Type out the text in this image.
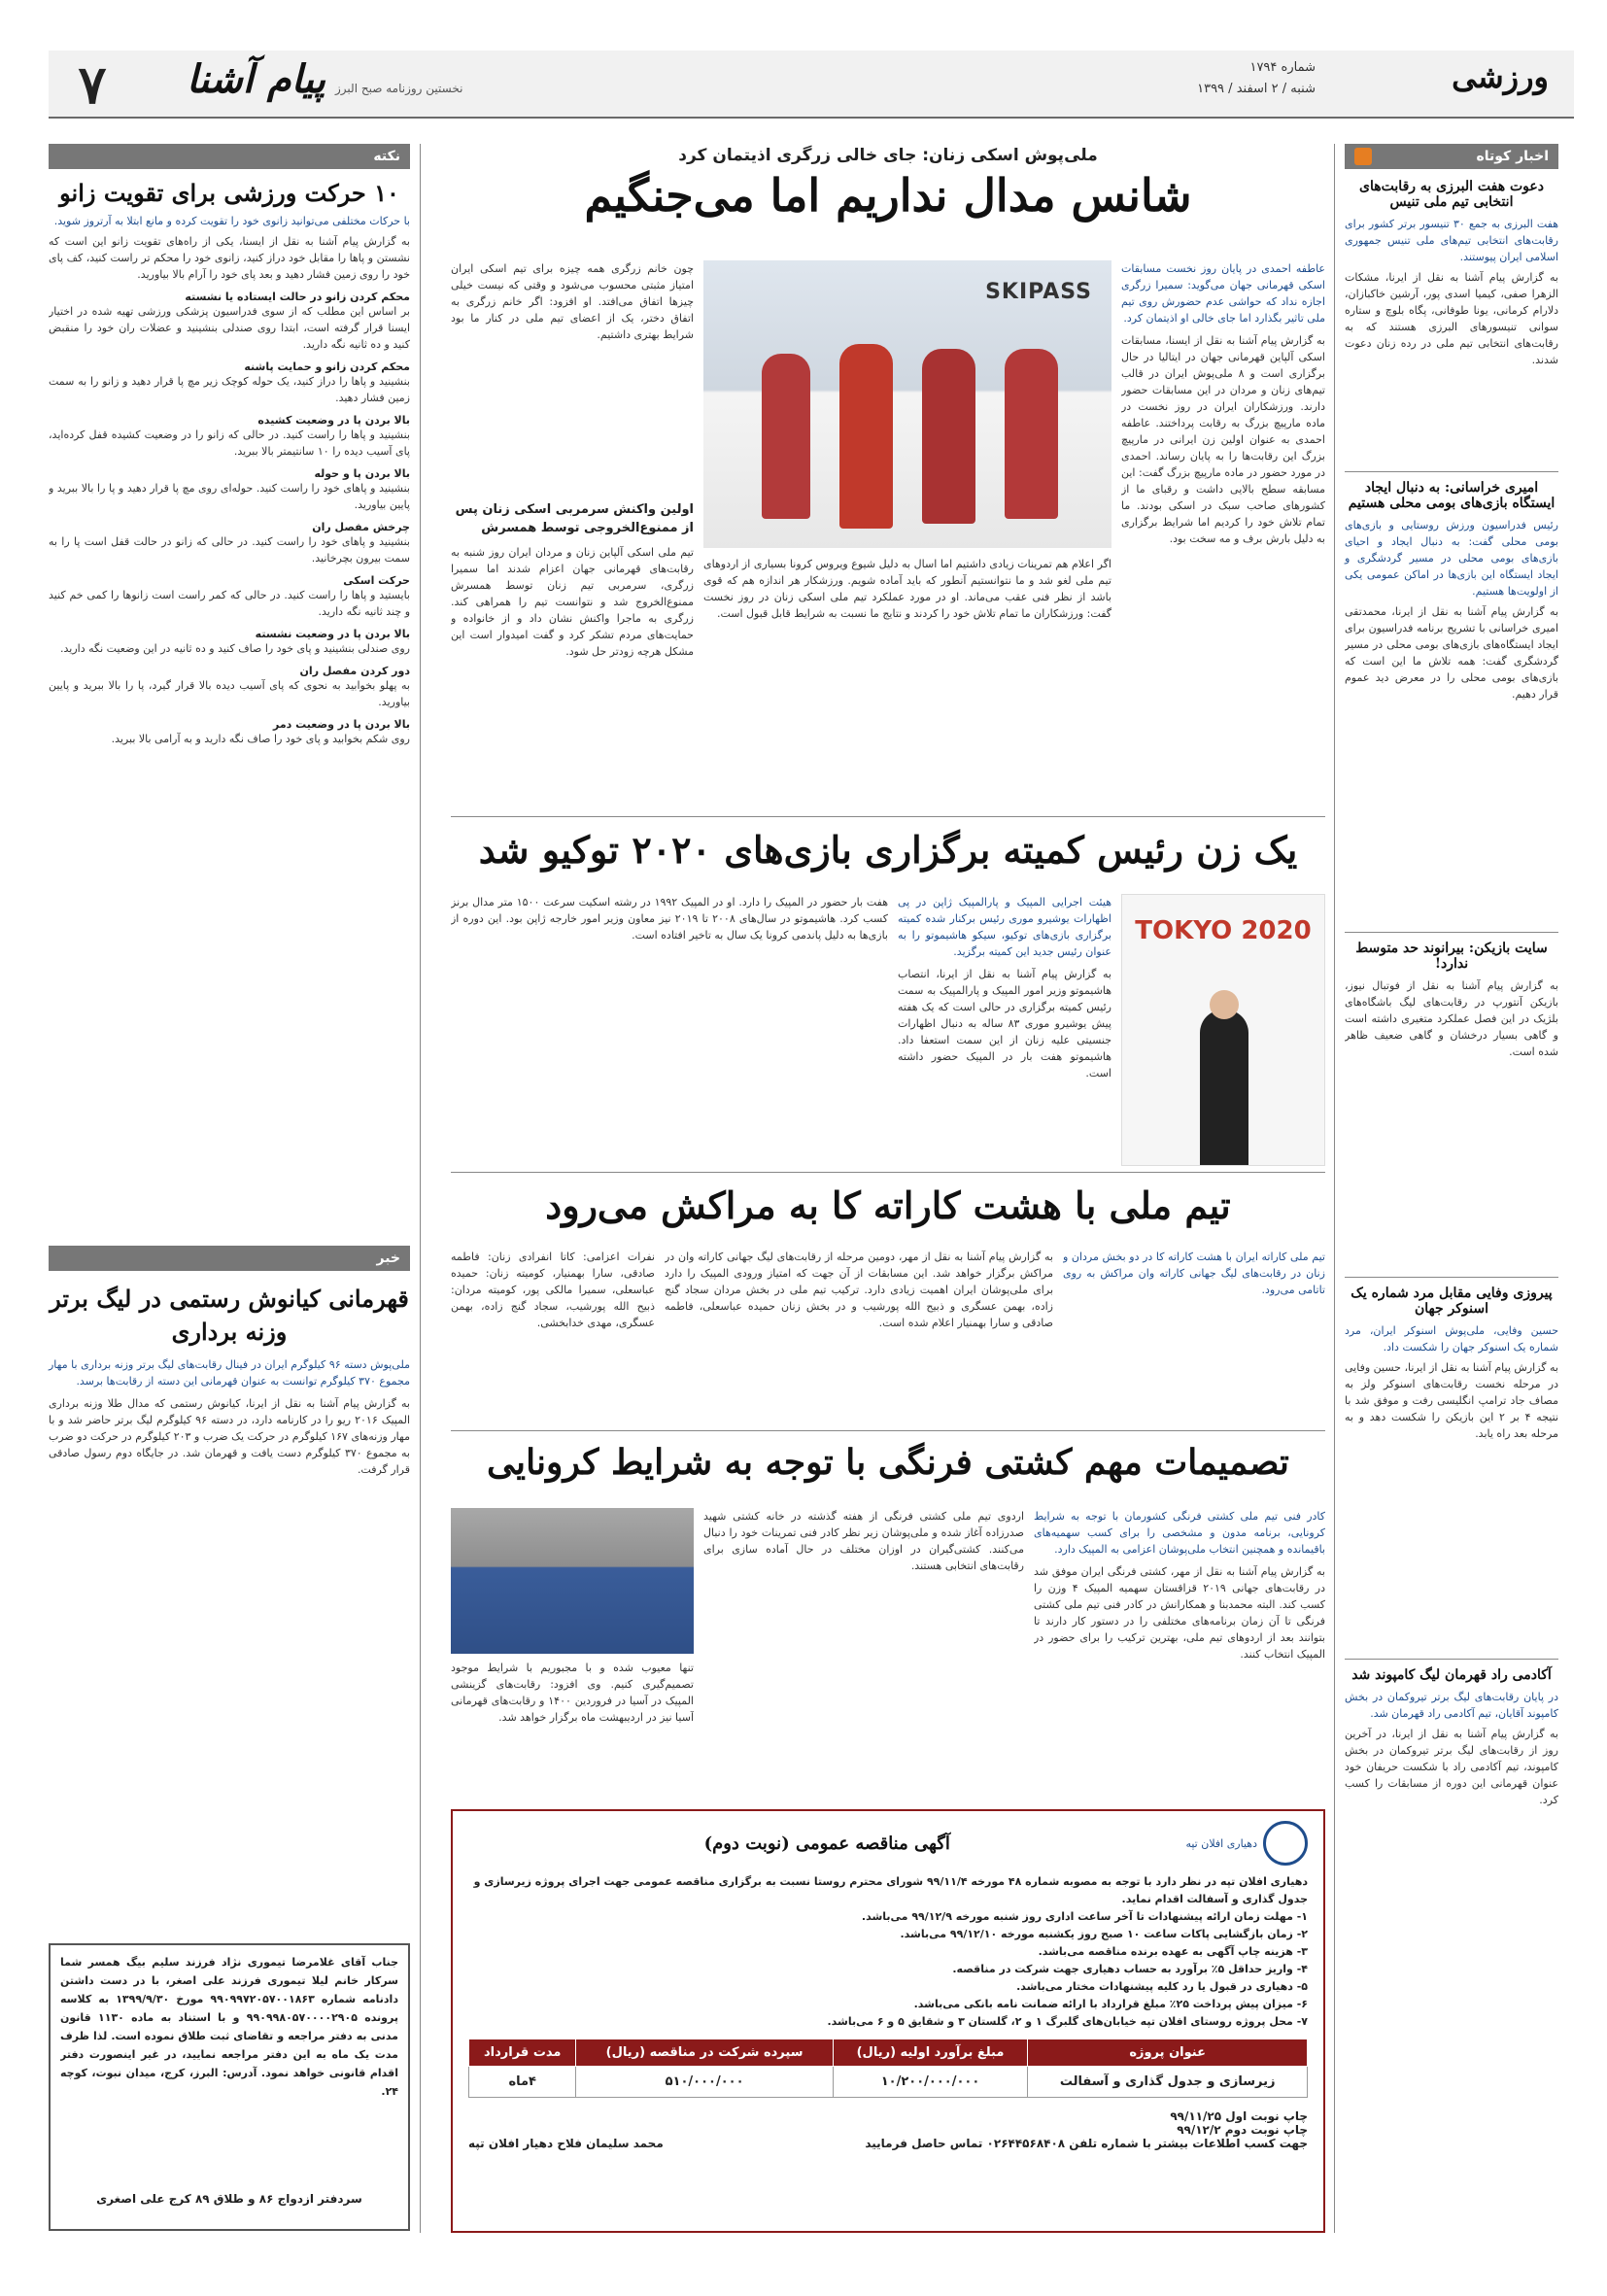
ورزشی
شماره ۱۷۹۴
شنبه / ۲ اسفند / ۱۳۹۹
۷	پیام آشنا نخستین روزنامه صبح البرز
اخبار کوتاه
دعوت هفت البرزی به رقابت‌های انتخابی تیم ملی تنیس
هفت البرزی به جمع ۳۰ تنیسور برتر کشور برای رقابت‌های انتخابی تیم‌های ملی تنیس جمهوری اسلامی ایران پیوستند.
به گزارش پیام آشنا به نقل از ایرنا، مشکات الزهرا صفی، کیمیا اسدی پور، آرشین خاکبازان، دلارام کرمانی، یونا طوفانی، پگاه بلوچ و ستاره سوانی تنیسورهای البرزی هستند که به رقابت‌های انتخابی تیم ملی در رده زنان دعوت شدند.
امیری خراسانی: به دنبال ایجاد ایستگاه بازی‌های بومی محلی هستیم
رئیس فدراسیون ورزش روستایی و بازی‌های بومی محلی گفت: به دنبال ایجاد و احیای بازی‌های بومی محلی در مسیر گردشگری و ایجاد ایستگاه این بازی‌ها در اماکن عمومی یکی از اولویت‌ها هستیم.
به گزارش پیام آشنا به نقل از ایرنا، محمدتقی امیری خراسانی با تشریح برنامه فدراسیون برای ایجاد ایستگاه‌های بازی‌های بومی محلی در مسیر گردشگری گفت: همه تلاش ما این است که بازی‌های بومی محلی را در معرض دید عموم قرار دهیم.
سایت بازیکن: بیرانوند حد متوسط ندارد!
به گزارش پیام آشنا به نقل از فوتبال نیوز، بازیکن آنتورپ در رقابت‌های لیگ باشگاه‌های بلژیک در این فصل عملکرد متغیری داشته است و گاهی بسیار درخشان و گاهی ضعیف ظاهر شده است.
پیروزی وفایی مقابل مرد شماره یک اسنوکر جهان
حسین وفایی، ملی‌پوش اسنوکر ایران، مرد شماره یک اسنوکر جهان را شکست داد.
به گزارش پیام آشنا به نقل از ایرنا، حسین وفایی در مرحله نخست رقابت‌های اسنوکر ولز به مصاف جاد ترامپ انگلیسی رفت و موفق شد با نتیجه ۴ بر ۲ این بازیکن را شکست دهد و به مرحله بعد راه یابد.
آکادمی راد قهرمان لیگ کامپوند شد
در پایان رقابت‌های لیگ برتر تیروکمان در بخش کامپوند آقایان، تیم آکادمی راد قهرمان شد.
به گزارش پیام آشنا به نقل از ایرنا، در آخرین روز از رقابت‌های لیگ برتر تیروکمان در بخش کامپوند، تیم آکادمی راد با شکست حریفان خود عنوان قهرمانی این دوره از مسابقات را کسب کرد.
ملی‌پوش اسکی زنان: جای خالی زرگری اذیتمان کرد
شانس مدال نداریم اما می‌جنگیم
عاطفه احمدی در پایان روز نخست مسابقات اسکی قهرمانی جهان می‌گوید: سمیرا زرگری اجازه نداد که حواشی عدم حضورش روی تیم ملی تاثیر بگذارد اما جای خالی او اذیتمان کرد.
به گزارش پیام آشنا به نقل از ایسنا، مسابقات اسکی آلپاین قهرمانی جهان در ایتالیا در حال برگزاری است و ۸ ملی‌پوش ایران در قالب تیم‌های زنان و مردان در این مسابقات حضور دارند. ورزشکاران ایران در روز نخست در ماده مارپیچ بزرگ به رقابت پرداختند. عاطفه احمدی به عنوان اولین زن ایرانی در مارپیچ بزرگ این رقابت‌ها را به پایان رساند. احمدی در مورد حضور در ماده مارپیچ بزرگ گفت: این مسابقه سطح بالایی داشت و رقبای ما از کشورهای صاحب سبک در اسکی بودند. ما تمام تلاش خود را کردیم اما شرایط برگزاری به دلیل بارش برف و مه سخت بود.
SKIPASS
اگر اعلام هم تمرینات زیادی داشتیم اما اسال به دلیل شیوع ویروس کرونا بسیاری از اردوهای تیم ملی لغو شد و ما نتوانستیم آنطور که باید آماده شویم. ورزشکار هر اندازه هم که قوی باشد از نظر فنی عقب می‌ماند. او در مورد عملکرد تیم ملی اسکی زنان در روز نخست گفت: ورزشکاران ما تمام تلاش خود را کردند و نتایج ما نسبت به شرایط قابل قبول است.
چون خانم زرگری همه چیزه برای تیم اسکی ایران امتیاز مثبتی محسوب می‌شود و وقتی که نیست خیلی چیزها اتفاق می‌افتد. او افزود: اگر خانم زرگری به اتفاق دختر، یک از اعضای تیم ملی در کنار ما بود شرایط بهتری داشتیم.
اولین واکنش سرمربی اسکی زنان پس از ممنوع‌الخروجی توسط همسرش
تیم ملی اسکی آلپاین زنان و مردان ایران روز شنبه به رقابت‌های قهرمانی جهان اعزام شدند اما سمیرا زرگری، سرمربی تیم زنان توسط همسرش ممنوع‌الخروج شد و نتوانست تیم را همراهی کند. زرگری به ماجرا واکنش نشان داد و از خانواده و حمایت‌های مردم تشکر کرد و گفت امیدوار است این مشکل هرچه زودتر حل شود.
یک زن رئیس کمیته برگزاری بازی‌های ۲۰۲۰ توکیو شد
TOKYO 2020
هیئت اجرایی المپیک و پارالمپیک ژاپن در پی اظهارات یوشیرو موری رئیس برکنار شده کمیته برگزاری بازی‌های توکیو، سیکو هاشیموتو را به عنوان رئیس جدید این کمیته برگزید.
به گزارش پیام آشنا به نقل از ایرنا، انتصاب هاشیموتو وزیر امور المپیک و پارالمپیک به سمت رئیس کمیته برگزاری در حالی است که یک هفته پیش یوشیرو موری ۸۳ ساله به دنبال اظهارات جنسیتی علیه زنان از این سمت استعفا داد. هاشیموتو هفت بار در المپیک حضور داشته است.
هفت بار حضور در المپیک را دارد. او در المپیک ۱۹۹۲ در رشته اسکیت سرعت ۱۵۰۰ متر مدال برنز کسب کرد. هاشیموتو در سال‌های ۲۰۰۸ تا ۲۰۱۹ نیز معاون وزیر امور خارجه ژاپن بود. این دوره از بازی‌ها به دلیل پاندمی کرونا یک سال به تاخیر افتاده است.
تیم ملی با هشت کاراته کا به مراکش می‌رود
تیم ملی کاراته ایران با هشت کاراته کا در دو بخش مردان و زنان در رقابت‌های لیگ جهانی کاراته وان مراکش به روی تاتامی می‌رود.
به گزارش پیام آشنا به نقل از مهر، دومین مرحله از رقابت‌های لیگ جهانی کاراته وان در مراکش برگزار خواهد شد. این مسابقات از آن جهت که امتیاز ورودی المپیک را دارد برای ملی‌پوشان ایران اهمیت زیادی دارد. ترکیب تیم ملی در بخش مردان سجاد گنج زاده، بهمن عسگری و ذبیح الله پورشیب و در بخش زنان حمیده عباسعلی، فاطمه صادقی و سارا بهمنیار اعلام شده است.
نفرات اعزامی: کاتا انفرادی زنان: فاطمه صادقی، سارا بهمنیار، کومیته زنان: حمیده عباسعلی، سمیرا مالکی پور، کومیته مردان: ذبیح الله پورشیب، سجاد گنج زاده، بهمن عسگری، مهدی خدابخشی.
تصمیمات مهم کشتی فرنگی با توجه به شرایط کرونایی
کادر فنی تیم ملی کشتی فرنگی کشورمان با توجه به شرایط کرونایی، برنامه مدون و مشخصی را برای کسب سهمیه‌های باقیمانده و همچنین انتخاب ملی‌پوشان اعزامی به المپیک دارد.
به گزارش پیام آشنا به نقل از مهر، کشتی فرنگی ایران موفق شد در رقابت‌های جهانی ۲۰۱۹ قزاقستان سهمیه المپیک ۴ وزن را کسب کند. البته محمدبنا و همکارانش در کادر فنی تیم ملی کشتی فرنگی تا آن زمان برنامه‌های مختلفی را در دستور کار دارند تا بتوانند بعد از اردوهای تیم ملی، بهترین ترکیب را برای حضور در المپیک انتخاب کنند.
اردوی تیم ملی کشتی فرنگی از هفته گذشته در خانه کشتی شهید صدرزاده آغاز شده و ملی‌پوشان زیر نظر کادر فنی تمرینات خود را دنبال می‌کنند. کشتی‌گیران در اوزان مختلف در حال آماده سازی برای رقابت‌های انتخابی هستند.
تنها معیوب شده و با مجبوریم با شرایط موجود تصمیم‌گیری کنیم. وی افزود: رقابت‌های گزینشی المپیک در آسیا در فروردین ۱۴۰۰ و رقابت‌های قهرمانی آسیا نیز در اردیبهشت ماه برگزار خواهد شد.
دهیاری افلان تپه
آگهی مناقصه عمومی (نوبت دوم)
دهیاری افلان تپه در نظر دارد با توجه به مصوبه شماره ۴۸ مورخه ۹۹/۱۱/۴ شورای محترم روستا نسبت به برگزاری مناقصه عمومی جهت اجرای پروژه زیرسازی و جدول گذاری و آسفالت اقدام نماید.
۱- مهلت زمان ارائه پیشنهادات تا آخر ساعت اداری روز شنبه مورخه ۹۹/۱۲/۹ می‌باشد.
۲- زمان بازگشایی پاکات ساعت ۱۰ صبح روز یکشنبه مورخه ۹۹/۱۲/۱۰ می‌باشد.
۳- هزینه چاپ آگهی به عهده برنده مناقصه می‌باشد.
۴- واریز حداقل ۵٪ برآورد به حساب دهیاری جهت شرکت در مناقصه.
۵- دهیاری در قبول یا رد کلیه پیشنهادات مختار می‌باشد.
۶- میزان پیش پرداخت ۲۵٪ مبلغ قرارداد با ارائه ضمانت نامه بانکی می‌باشد.
۷- محل پروژه روستای افلان تپه خیابان‌های گلبرگ ۱ و ۲، گلستان ۳ و شقایق ۵ و ۶ می‌باشد.
عنوان پروژه	مبلغ برآورد اولیه (ریال)	سپرده شرکت در مناقصه (ریال)	مدت قرارداد
زیرسازی و جدول گذاری و آسفالت	۱۰/۲۰۰/۰۰۰/۰۰۰	۵۱۰/۰۰۰/۰۰۰	۴ماه
چاپ نوبت اول ۹۹/۱۱/۲۵
چاپ نوبت دوم ۹۹/۱۲/۲
جهت کسب اطلاعات بیشتر با شماره تلفن ۰۲۶۴۴۵۶۸۴۰۸ تماس حاصل فرمایید
محمد سلیمان فلاح دهیار افلان تپه
نکته
۱۰ حرکت ورزشی برای تقویت زانو
با حرکات مختلفی می‌توانید زانوی خود را تقویت کرده و مانع ابتلا به آرتروز شوید.
به گزارش پیام آشنا به نقل از ایسنا، یکی از راه‌های تقویت زانو این است که نشستن و پاها را مقابل خود دراز کنید، زانوی خود را محکم تر راست کنید، کف پای خود را روی زمین فشار دهید و بعد پای خود را آرام بالا بیاورید.
محکم کردن زانو در حالت ایستاده یا نشسته
بر اساس این مطلب که از سوی فدراسیون پزشکی ورزشی تهیه شده در اختیار ایسنا قرار گرفته است، ابتدا روی صندلی بنشینید و عضلات ران خود را منقبض کنید و ده ثانیه نگه دارید.
محکم کردن زانو و حمایت پاشنه
بنشینید و پاها را دراز کنید، یک حوله کوچک زیر مچ پا قرار دهید و زانو را به سمت زمین فشار دهید.
بالا بردن پا در وضعیت کشیده
بنشینید و پاها را راست کنید. در حالی که زانو را در وضعیت کشیده قفل کرده‌اید، پای آسیب دیده را ۱۰ سانتیمتر بالا ببرید.
بالا بردن پا و حوله
بنشینید و پاهای خود را راست کنید. حوله‌ای روی مچ پا قرار دهید و پا را بالا ببرید و پایین بیاورید.
چرخش مفصل ران
بنشینید و پاهای خود را راست کنید. در حالی که زانو در حالت قفل است پا را به سمت بیرون بچرخانید.
حرکت اسکی
بایستید و پاها را راست کنید. در حالی که کمر راست است زانوها را کمی خم کنید و چند ثانیه نگه دارید.
بالا بردن پا در وضعیت نشسته
روی صندلی بنشینید و پای خود را صاف کنید و ده ثانیه در این وضعیت نگه دارید.
دور کردن مفصل ران
به پهلو بخوابید به نحوی که پای آسیب دیده بالا قرار گیرد، پا را بالا ببرید و پایین بیاورید.
بالا بردن پا در وضعیت دمر
روی شکم بخوابید و پای خود را صاف نگه دارید و به آرامی بالا ببرید.
خبر
قهرمانی کیانوش رستمی در لیگ برتر وزنه برداری
ملی‌پوش دسته ۹۶ کیلوگرم ایران در فینال رقابت‌های لیگ برتر وزنه برداری با مهار مجموع ۳۷۰ کیلوگرم توانست به عنوان قهرمانی این دسته از رقابت‌ها برسد.
به گزارش پیام آشنا به نقل از ایرنا، کیانوش رستمی که مدال طلا وزنه برداری المپیک ۲۰۱۶ ریو را در کارنامه دارد، در دسته ۹۶ کیلوگرم لیگ برتر حاضر شد و با مهار وزنه‌های ۱۶۷ کیلوگرم در حرکت یک ضرب و ۲۰۳ کیلوگرم در حرکت دو ضرب به مجموع ۳۷۰ کیلوگرم دست یافت و قهرمان شد. در جایگاه دوم رسول صادقی قرار گرفت.
جناب آقای غلامرضا تیموری نژاد فرزند سلیم بیگ همسر شما سرکار خانم لیلا تیموری فرزند علی اصغر، با در دست داشتن دادنامه شماره ۹۹۰۹۹۷۲۰۵۷۰۰۱۸۶۳ مورخ ۱۳۹۹/۹/۳۰ به کلاسه پرونده ۹۹۰۹۹۸۰۵۷۰۰۰۰۲۹۰۵ و با استناد به ماده ۱۱۳۰ قانون مدنی به دفتر مراجعه و تقاضای ثبت طلاق نموده است. لذا ظرف مدت یک ماه به این دفتر مراجعه نمایید، در غیر اینصورت دفتر اقدام قانونی خواهد نمود. آدرس: البرز، کرج، میدان نبوت، کوچه ۲۴.
سردفتر ازدواج ۸۶ و طلاق ۸۹ کرج علی اصغری
